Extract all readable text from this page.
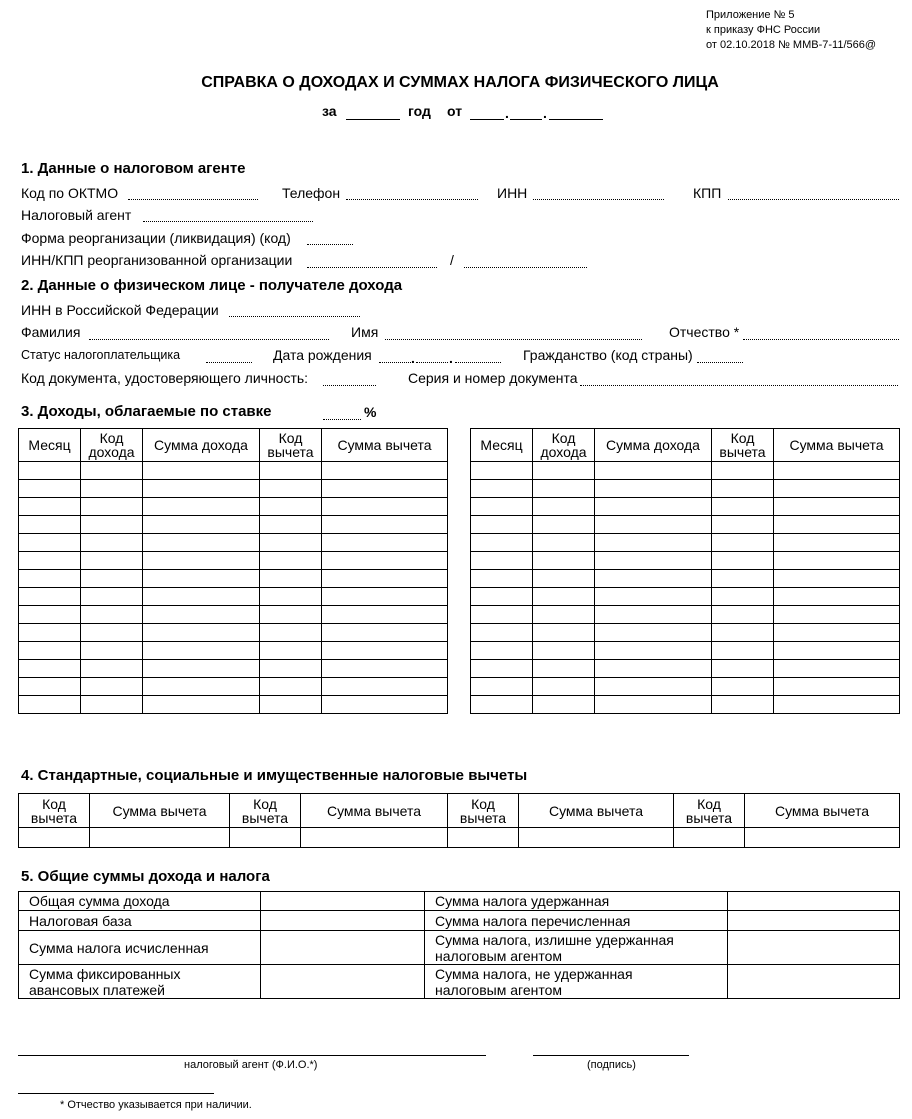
Приложение № 5
к приказу ФНС России
от 02.10.2018 № ММВ-7-11/566@
СПРАВКА О ДОХОДАХ И СУММАХ НАЛОГА ФИЗИЧЕСКОГО ЛИЦА
за	год от	. .
1. Данные о налоговом агенте
Код по ОКТМО	Телефон	ИНН	КПП
Налоговый агент
Форма реорганизации (ликвидация) (код)
ИНН/КПП реорганизованной организации	/
2. Данные о физическом лице - получателе дохода
ИНН в Российской Федерации
Фамилия	Имя	Отчество *
Статус налогоплательщика	Дата рождения	. .	Гражданство (код страны)
Код документа, удостоверяющего личность:	Серия и номер документа
3. Доходы, облагаемые по ставке	%
Месяц	Код дохода	Сумма дохода	Код вычета	Сумма вычета

					Месяц	Код дохода	Сумма дохода	Код вычета	Сумма вычета

4. Стандартные, социальные и имущественные налоговые вычеты
Код вычета	Сумма вычета	Код вычета	Сумма вычета	Код вычета	Сумма вычета	Код вычета	Сумма вычета

5. Общие суммы дохода и налога
Общая сумма дохода		Сумма налога удержанная	
Налоговая база		Сумма налога перечисленная	
Сумма налога исчисленная		Сумма налога, излишне удержанная налоговым агентом	
Сумма фиксированных авансовых платежей		Сумма налога, не удержанная налоговым агентом	
налоговый агент (Ф.И.О.*)	(подпись)
* Отчество указывается при наличии.
